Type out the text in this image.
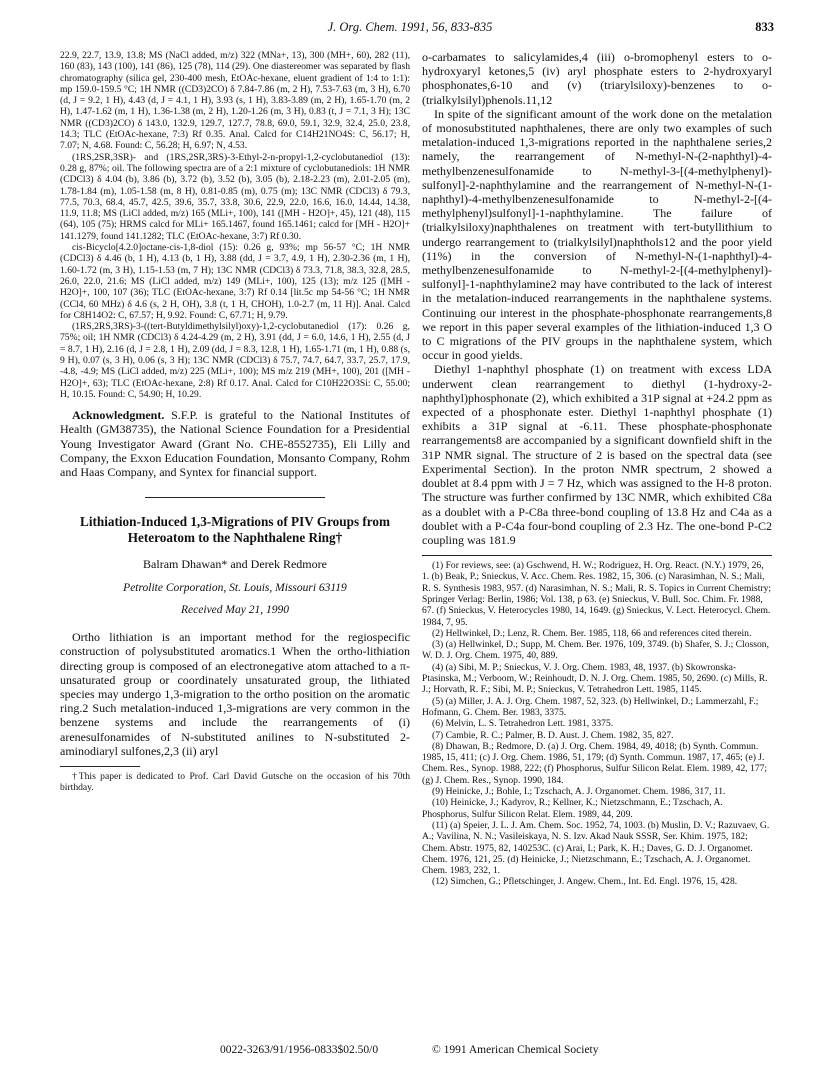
J. Org. Chem. 1991, 56, 833-835	833

22.9, 22.7, 13.9, 13.8; MS (NaCl added, m/z) 322 (MNa+, 13), 300 (MH+, 60), 282 (11), 160 (83), 143 (100), 141 (86), 125 (78), 114 (29). One diastereomer was separated by flash chromatography (silica gel, 230-400 mesh, EtOAc-hexane, eluent gradient of 1:4 to 1:1): mp 159.0-159.5 °C; 1H NMR ((CD3)2CO) δ 7.84-7.86 (m, 2 H), 7.53-7.63 (m, 3 H), 6.70 (d, J = 9.2, 1 H), 4.43 (d, J = 4.1, 1 H), 3.93 (s, 1 H), 3.83-3.89 (m, 2 H), 1.65-1.70 (m, 2 H), 1.47-1.62 (m, 1 H), 1.36-1.38 (m, 2 H), 1.20-1.26 (m, 3 H), 0.83 (t, J = 7.1, 3 H); 13C NMR ((CD3)2CO) δ 143.0, 132.9, 129.7, 127.7, 78.8, 69.0, 59.1, 32.9, 32.4, 25.0, 23.8, 14.3; TLC (EtOAc-hexane, 7:3) Rf 0.35. Anal. Calcd for C14H21NO4S: C, 56.17; H, 7.07; N, 4.68. Found: C, 56.28; H, 6.97; N, 4.53.

(1RS,2SR,3SR)- and (1RS,2SR,3RS)-3-Ethyl-2-n-propyl-1,2-cyclobutanediol (13): 0.28 g, 87%; oil. The following spectra are of a 2:1 mixture of cyclobutanediols: 1H NMR (CDCl3) δ 4.04 (b), 3.86 (b), 3.72 (b), 3.52 (b), 3.05 (b), 2.18-2.23 (m), 2.01-2.05 (m), 1.78-1.84 (m), 1.05-1.58 (m, 8 H), 0.81-0.85 (m), 0.75 (m); 13C NMR (CDCl3) δ 79.3, 77.5, 70.3, 68.4, 45.7, 42.5, 39.6, 35.7, 33.8, 30.6, 22.9, 22.0, 16.6, 16.0, 14.44, 14.38, 11.9, 11.8; MS (LiCl added, m/z) 165 (MLi+, 100), 141 ([MH - H2O]+, 45), 121 (48), 115 (64), 105 (75); HRMS calcd for MLi+ 165.1467, found 165.1461; calcd for [MH - H2O]+ 141.1279, found 141.1282; TLC (EtOAc-hexane, 3:7) Rf 0.30.

cis-Bicyclo[4.2.0]octane-cis-1,8-diol (15): 0.26 g, 93%; mp 56-57 °C; 1H NMR (CDCl3) δ 4.46 (b, 1 H), 4.13 (b, 1 H), 3.88 (dd, J = 3.7, 4.9, 1 H), 2.30-2.36 (m, 1 H), 1.60-1.72 (m, 3 H), 1.15-1.53 (m, 7 H); 13C NMR (CDCl3) δ 73.3, 71.8, 38.3, 32.8, 28.5, 26.0, 22.0, 21.6; MS (LiCl added, m/z) 149 (MLi+, 100), 125 (13); m/z 125 ([MH - H2O]+, 100, 107 (36); TLC (EtOAc-hexane, 3:7) Rf 0.14 [lit.5c mp 54-56 °C; 1H NMR (CCl4, 60 MHz) δ 4.6 (s, 2 H, OH), 3.8 (t, 1 H, CHOH), 1.0-2.7 (m, 11 H)]. Anal. Calcd for C8H14O2: C, 67.57; H, 9.92. Found: C, 67.71; H, 9.79.

(1RS,2RS,3RS)-3-((tert-Butyldimethylsilyl)oxy)-1,2-cyclobutanediol (17): 0.26 g, 75%; oil; 1H NMR (CDCl3) δ 4.24-4.29 (m, 2 H), 3.91 (dd, J = 6.0, 14.6, 1 H), 2.55 (d, J = 8.7, 1 H), 2.16 (d, J = 2.8, 1 H), 2.09 (dd, J = 8.3, 12.8, 1 H), 1.65-1.71 (m, 1 H), 0.88 (s, 9 H), 0.07 (s, 3 H), 0.06 (s, 3 H); 13C NMR (CDCl3) δ 75.7, 74.7, 64.7, 33.7, 25.7, 17.9, -4.8, -4.9; MS (LiCl added, m/z) 225 (MLi+, 100); MS m/z 219 (MH+, 100), 201 ([MH - H2O]+, 63); TLC (EtOAc-hexane, 2:8) Rf 0.17. Anal. Calcd for C10H22O3Si: C, 55.00; H, 10.15. Found: C, 54.90; H, 10.29.

Acknowledgment. S.F.P. is grateful to the National Institutes of Health (GM38735), the National Science Foundation for a Presidential Young Investigator Award (Grant No. CHE-8552735), Eli Lilly and Company, the Exxon Education Foundation, Monsanto Company, Rohm and Haas Company, and Syntex for financial support.

Lithiation-Induced 1,3-Migrations of PIV Groups from Heteroatom to the Naphthalene Ring†
Balram Dhawan* and Derek Redmore
Petrolite Corporation, St. Louis, Missouri 63119
Received May 21, 1990

Ortho lithiation is an important method for the regiospecific construction of polysubstituted aromatics.1 When the ortho-lithiation directing group is composed of an electronegative atom attached to a π-unsaturated group or coordinately unsaturated group, the lithiated species may undergo 1,3-migration to the ortho position on the aromatic ring.2 Such metalation-induced 1,3-migrations are very common in the benzene systems and include the rearrangements of (i) arenesulfonamides of N-substituted anilines to N-substituted 2-aminodiaryl sulfones,2,3 (ii) aryl

†This paper is dedicated to Prof. Carl David Gutsche on the occasion of his 70th birthday.

o-carbamates to salicylamides,4 (iii) o-bromophenyl esters to o-hydroxyaryl ketones,5 (iv) aryl phosphate esters to 2-hydroxyaryl phosphonates,6-10 and (v) (triarylsiloxy)-benzenes to o-(trialkylsilyl)phenols.11,12

In spite of the significant amount of the work done on the metalation of monosubstituted naphthalenes, there are only two examples of such metalation-induced 1,3-migrations reported in the naphthalene series,2 namely, the rearrangement of N-methyl-N-(2-naphthyl)-4-methylbenzenesulfonamide to N-methyl-3-[(4-methylphenyl)-sulfonyl]-2-naphthylamine and the rearrangement of N-methyl-N-(1-naphthyl)-4-methylbenzenesulfonamide to N-methyl-2-[(4-methylphenyl)sulfonyl]-1-naphthylamine. The failure of (trialkylsiloxy)naphthalenes on treatment with tert-butyllithium to undergo rearrangement to (trialkylsilyl)naphthols12 and the poor yield (11%) in the conversion of N-methyl-N-(1-naphthyl)-4-methylbenzenesulfonamide to N-methyl-2-[(4-methylphenyl)-sulfonyl]-1-naphthylamine2 may have contributed to the lack of interest in the metalation-induced rearrangements in the naphthalene systems. Continuing our interest in the phosphate-phosphonate rearrangements,8 we report in this paper several examples of the lithiation-induced 1,3 O to C migrations of the PIV groups in the naphthalene system, which occur in good yields.

Diethyl 1-naphthyl phosphate (1) on treatment with excess LDA underwent clean rearrangement to diethyl (1-hydroxy-2-naphthyl)phosphonate (2), which exhibited a 31P signal at +24.2 ppm as expected of a phosphonate ester. Diethyl 1-naphthyl phosphate (1) exhibits a 31P signal at -6.11. These phosphate-phosphonate rearrangements8 are accompanied by a significant downfield shift in the 31P NMR signal. The structure of 2 is based on the spectral data (see Experimental Section). In the proton NMR spectrum, 2 showed a doublet at 8.4 ppm with J = 7 Hz, which was assigned to the H-8 proton. The structure was further confirmed by 13C NMR, which exhibited C8a as a doublet with a P-C8a three-bond coupling of 13.8 Hz and C4a as a doublet with a P-C4a four-bond coupling of 2.3 Hz. The one-bond P-C2 coupling was 181.9

(1) For reviews, see: (a) Gschwend, H. W.; Rodriguez, H. Org. React. (N.Y.) 1979, 26, 1. (b) Beak, P.; Snieckus, V. Acc. Chem. Res. 1982, 15, 306. (c) Narasimhan, N. S.; Mali, R. S. Synthesis 1983, 957. (d) Narasimhan, N. S.; Mali, R. S. Topics in Current Chemistry; Springer Verlag: Berlin, 1986; Vol. 138, p 63. (e) Snieckus, V. Bull. Soc. Chim. Fr. 1988, 67. (f) Snieckus, V. Heterocycles 1980, 14, 1649. (g) Snieckus, V. Lect. Heterocycl. Chem. 1984, 7, 95.

(2) Hellwinkel, D.; Lenz, R. Chem. Ber. 1985, 118, 66 and references cited therein.

(3) (a) Hellwinkel, D.; Supp, M. Chem. Ber. 1976, 109, 3749. (b) Shafer, S. J.; Closson, W. D. J. Org. Chem. 1975, 40, 889.

(4) (a) Sibi, M. P.; Snieckus, V. J. Org. Chem. 1983, 48, 1937. (b) Skowronska-Ptasinska, M.; Verboom, W.; Reinhoudt, D. N. J. Org. Chem. 1985, 50, 2690. (c) Mills, R. J.; Horvath, R. F.; Sibi, M. P.; Snieckus, V. Tetrahedron Lett. 1985, 1145.

(5) (a) Miller, J. A. J. Org. Chem. 1987, 52, 323. (b) Hellwinkel, D.; Lammerzahl, F.; Hofmann, G. Chem. Ber. 1983, 3375.

(6) Melvin, L. S. Tetrahedron Lett. 1981, 3375.

(7) Cambie, R. C.; Palmer, B. D. Aust. J. Chem. 1982, 35, 827.

(8) Dhawan, B.; Redmore, D. (a) J. Org. Chem. 1984, 49, 4018; (b) Synth. Commun. 1985, 15, 411; (c) J. Org. Chem. 1986, 51, 179; (d) Synth. Commun. 1987, 17, 465; (e) J. Chem. Res., Synop. 1988, 222; (f) Phosphorus, Sulfur Silicon Relat. Elem. 1989, 42, 177; (g) J. Chem. Res., Synop. 1990, 184.

(9) Heinicke, J.; Bohle, I.; Tzschach, A. J. Organomet. Chem. 1986, 317, 11.

(10) Heinicke, J.; Kadyrov, R.; Kellner, K.; Nietzschmann, E.; Tzschach, A. Phosphorus, Sulfur Silicon Relat. Elem. 1989, 44, 209.

(11) (a) Speier, J. L. J. Am. Chem. Soc. 1952, 74, 1003. (b) Muslin, D. V.; Razuvaev, G. A.; Vavilina, N. N.; Vasileiskaya, N. S. Izv. Akad Nauk SSSR, Ser. Khim. 1975, 182; Chem. Abstr. 1975, 82, 140253C. (c) Arai, I.; Park, K. H.; Daves, G. D. J. Organomet. Chem. 1976, 121, 25. (d) Heinicke, J.; Nietzschmann, E.; Tzschach, A. J. Organomet. Chem. 1983, 232, 1.

(12) Simchen, G.; Pfletschinger, J. Angew. Chem., Int. Ed. Engl. 1976, 15, 428.

0022-3263/91/1956-0833$02.50/0	© 1991 American Chemical Society
